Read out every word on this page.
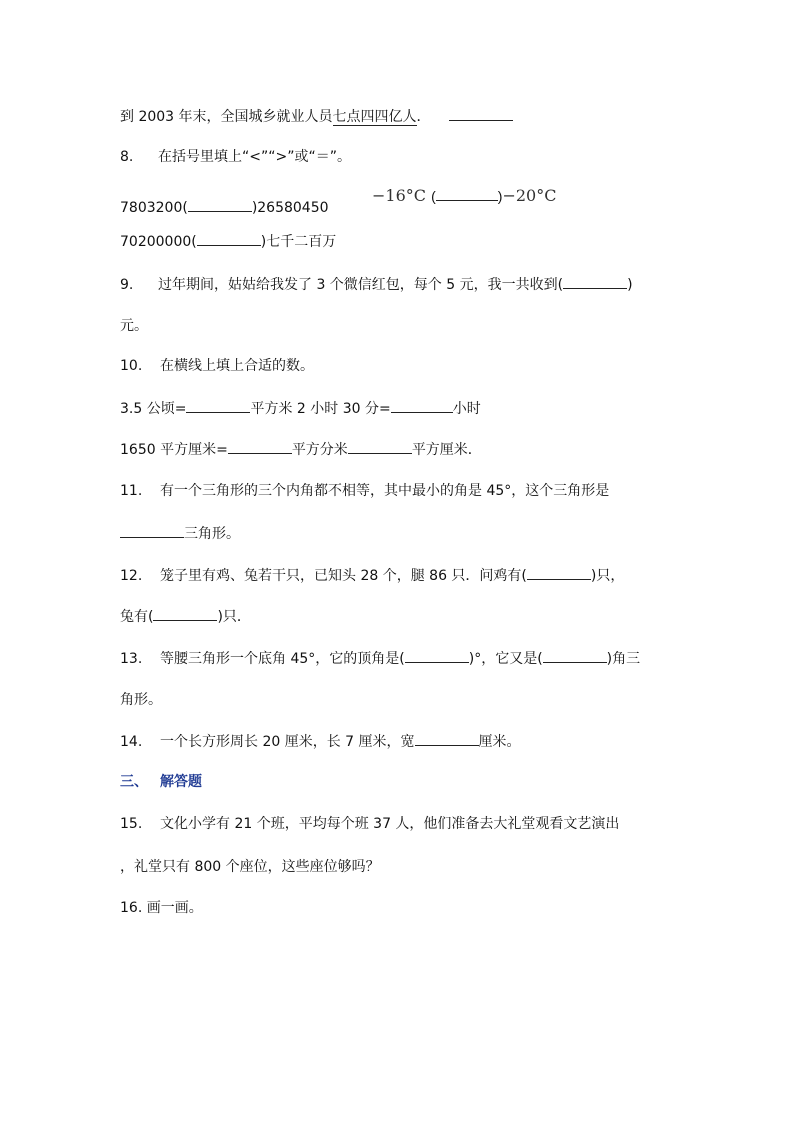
到 2003 年末，全国城乡就业人员七点四四亿人．
8. 在括号里填上“<”“>”或“＝”。
7803200(	)26580450
−16°C (	)−20°C
70200000(	)七千二百万
9. 过年期间，姑姑给我发了 3 个微信红包，每个 5 元，我一共收到(	)
元。
10. 在横线上填上合适的数。
3.5 公顷=	平方米 2 小时 30 分=	小时
1650 平方厘米=	平方分米	平方厘米．
11. 有一个三角形的三个内角都不相等，其中最小的角是 45°，这个三角形是
三角形。
12. 笼子里有鸡、兔若干只，已知头 28 个，腿 86 只．问鸡有(	)只，
兔有(	)只．
13. 等腰三角形一个底角 45°，它的顶角是(	)°，它又是(	)角三
角形。
14. 一个长方形周长 20 厘米，长 7 厘米，宽	厘米。
三、 解答题
15. 文化小学有 21 个班，平均每个班 37 人，他们准备去大礼堂观看文艺演出
，礼堂只有 800 个座位，这些座位够吗？
16. 画一画。
